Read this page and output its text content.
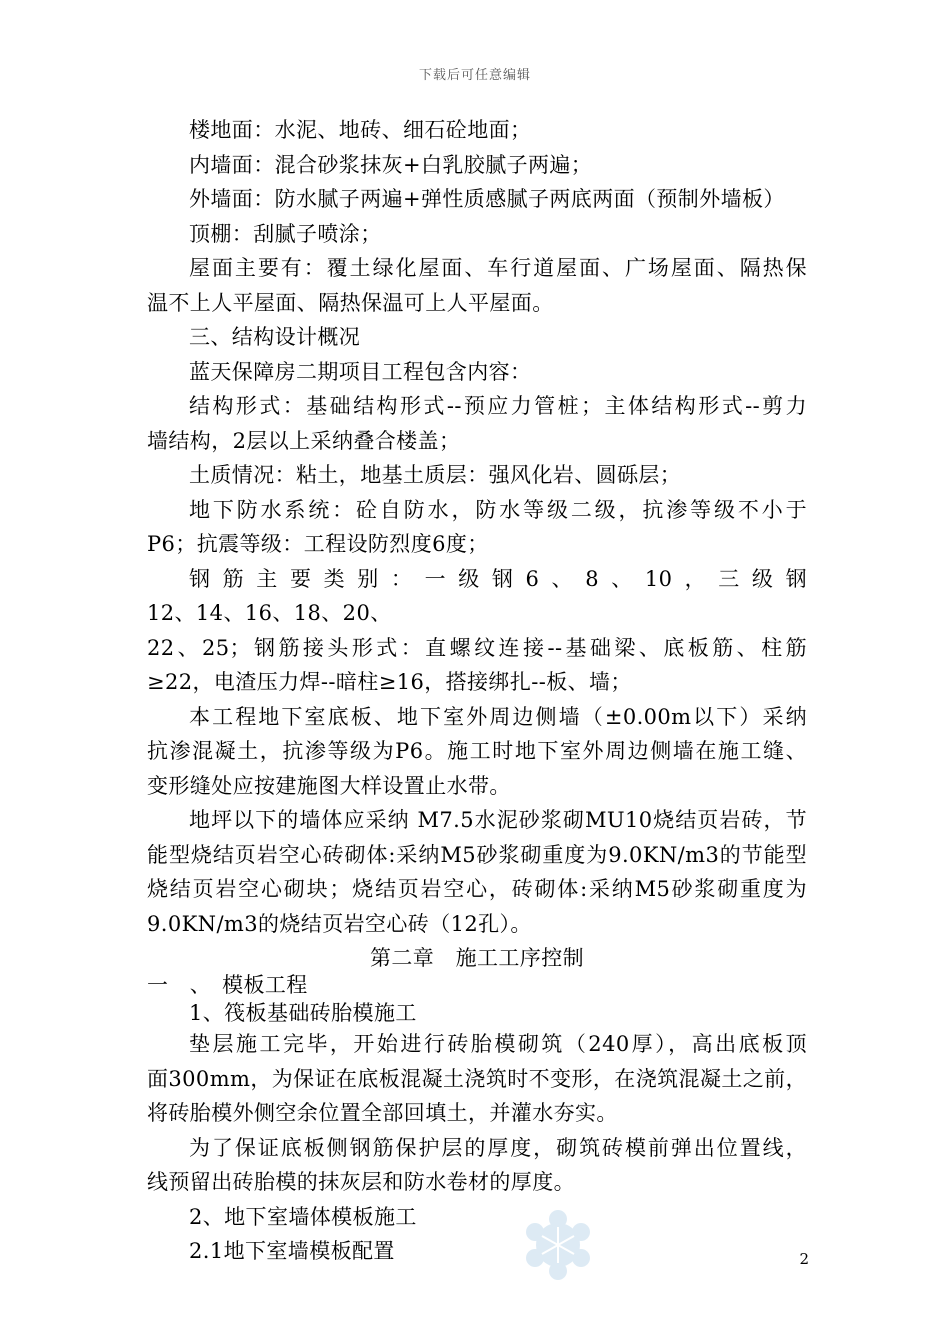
下载后可任意编辑

楼地面：水泥、地砖、细石砼地面；

内墙面：混合砂浆抹灰+白乳胶腻子两遍；

外墙面：防水腻子两遍+弹性质感腻子两底两面（预制外墙板）

顶棚：刮腻子喷涂；

屋面主要有：覆土绿化屋面、车行道屋面、广场屋面、隔热保

温不上人平屋面、隔热保温可上人平屋面。

三、结构设计概况

蓝天保障房二期项目工程包含内容：

结构形式：基础结构形式--预应力管桩；主体结构形式--剪力

墙结构，2层以上采纳叠合楼盖；

土质情况：粘土，地基土质层：强风化岩、圆砾层；

地下防水系统：砼自防水，防水等级二级，抗渗等级不小于

P6；抗震等级：工程设防烈度6度；

钢筋主要类别：一级钢6、8、10，三级钢

12、14、16、18、20、

22、25；钢筋接头形式：直螺纹连接--基础梁、底板筋、柱筋

≥22，电渣压力焊--暗柱≥16，搭接绑扎--板、墙；

本工程地下室底板、地下室外周边侧墙（±0.00m以下）采纳

抗渗混凝土，抗渗等级为P6。施工时地下室外周边侧墙在施工缝、

变形缝处应按建施图大样设置止水带。

地坪以下的墙体应采纳 M7.5水泥砂浆砌MU10烧结页岩砖，节

能型烧结页岩空心砖砌体:采纳M5砂浆砌重度为9.0KN/m3的节能型

烧结页岩空心砌块；烧结页岩空心，砖砌体:采纳M5砂浆砌重度为

9.0KN/m3的烧结页岩空心砖（12孔）。

第二章　施工工序控制

一　、　模板工程

1、筏板基础砖胎模施工

垫层施工完毕，开始进行砖胎模砌筑（240厚），高出底板顶

面300mm，为保证在底板混凝土浇筑时不变形，在浇筑混凝土之前，

将砖胎模外侧空余位置全部回填土，并灌水夯实。

为了保证底板侧钢筋保护层的厚度，砌筑砖模前弹出位置线，

线预留出砖胎模的抹灰层和防水卷材的厚度。

2、地下室墙体模板施工

2.1地下室墙模板配置	2
